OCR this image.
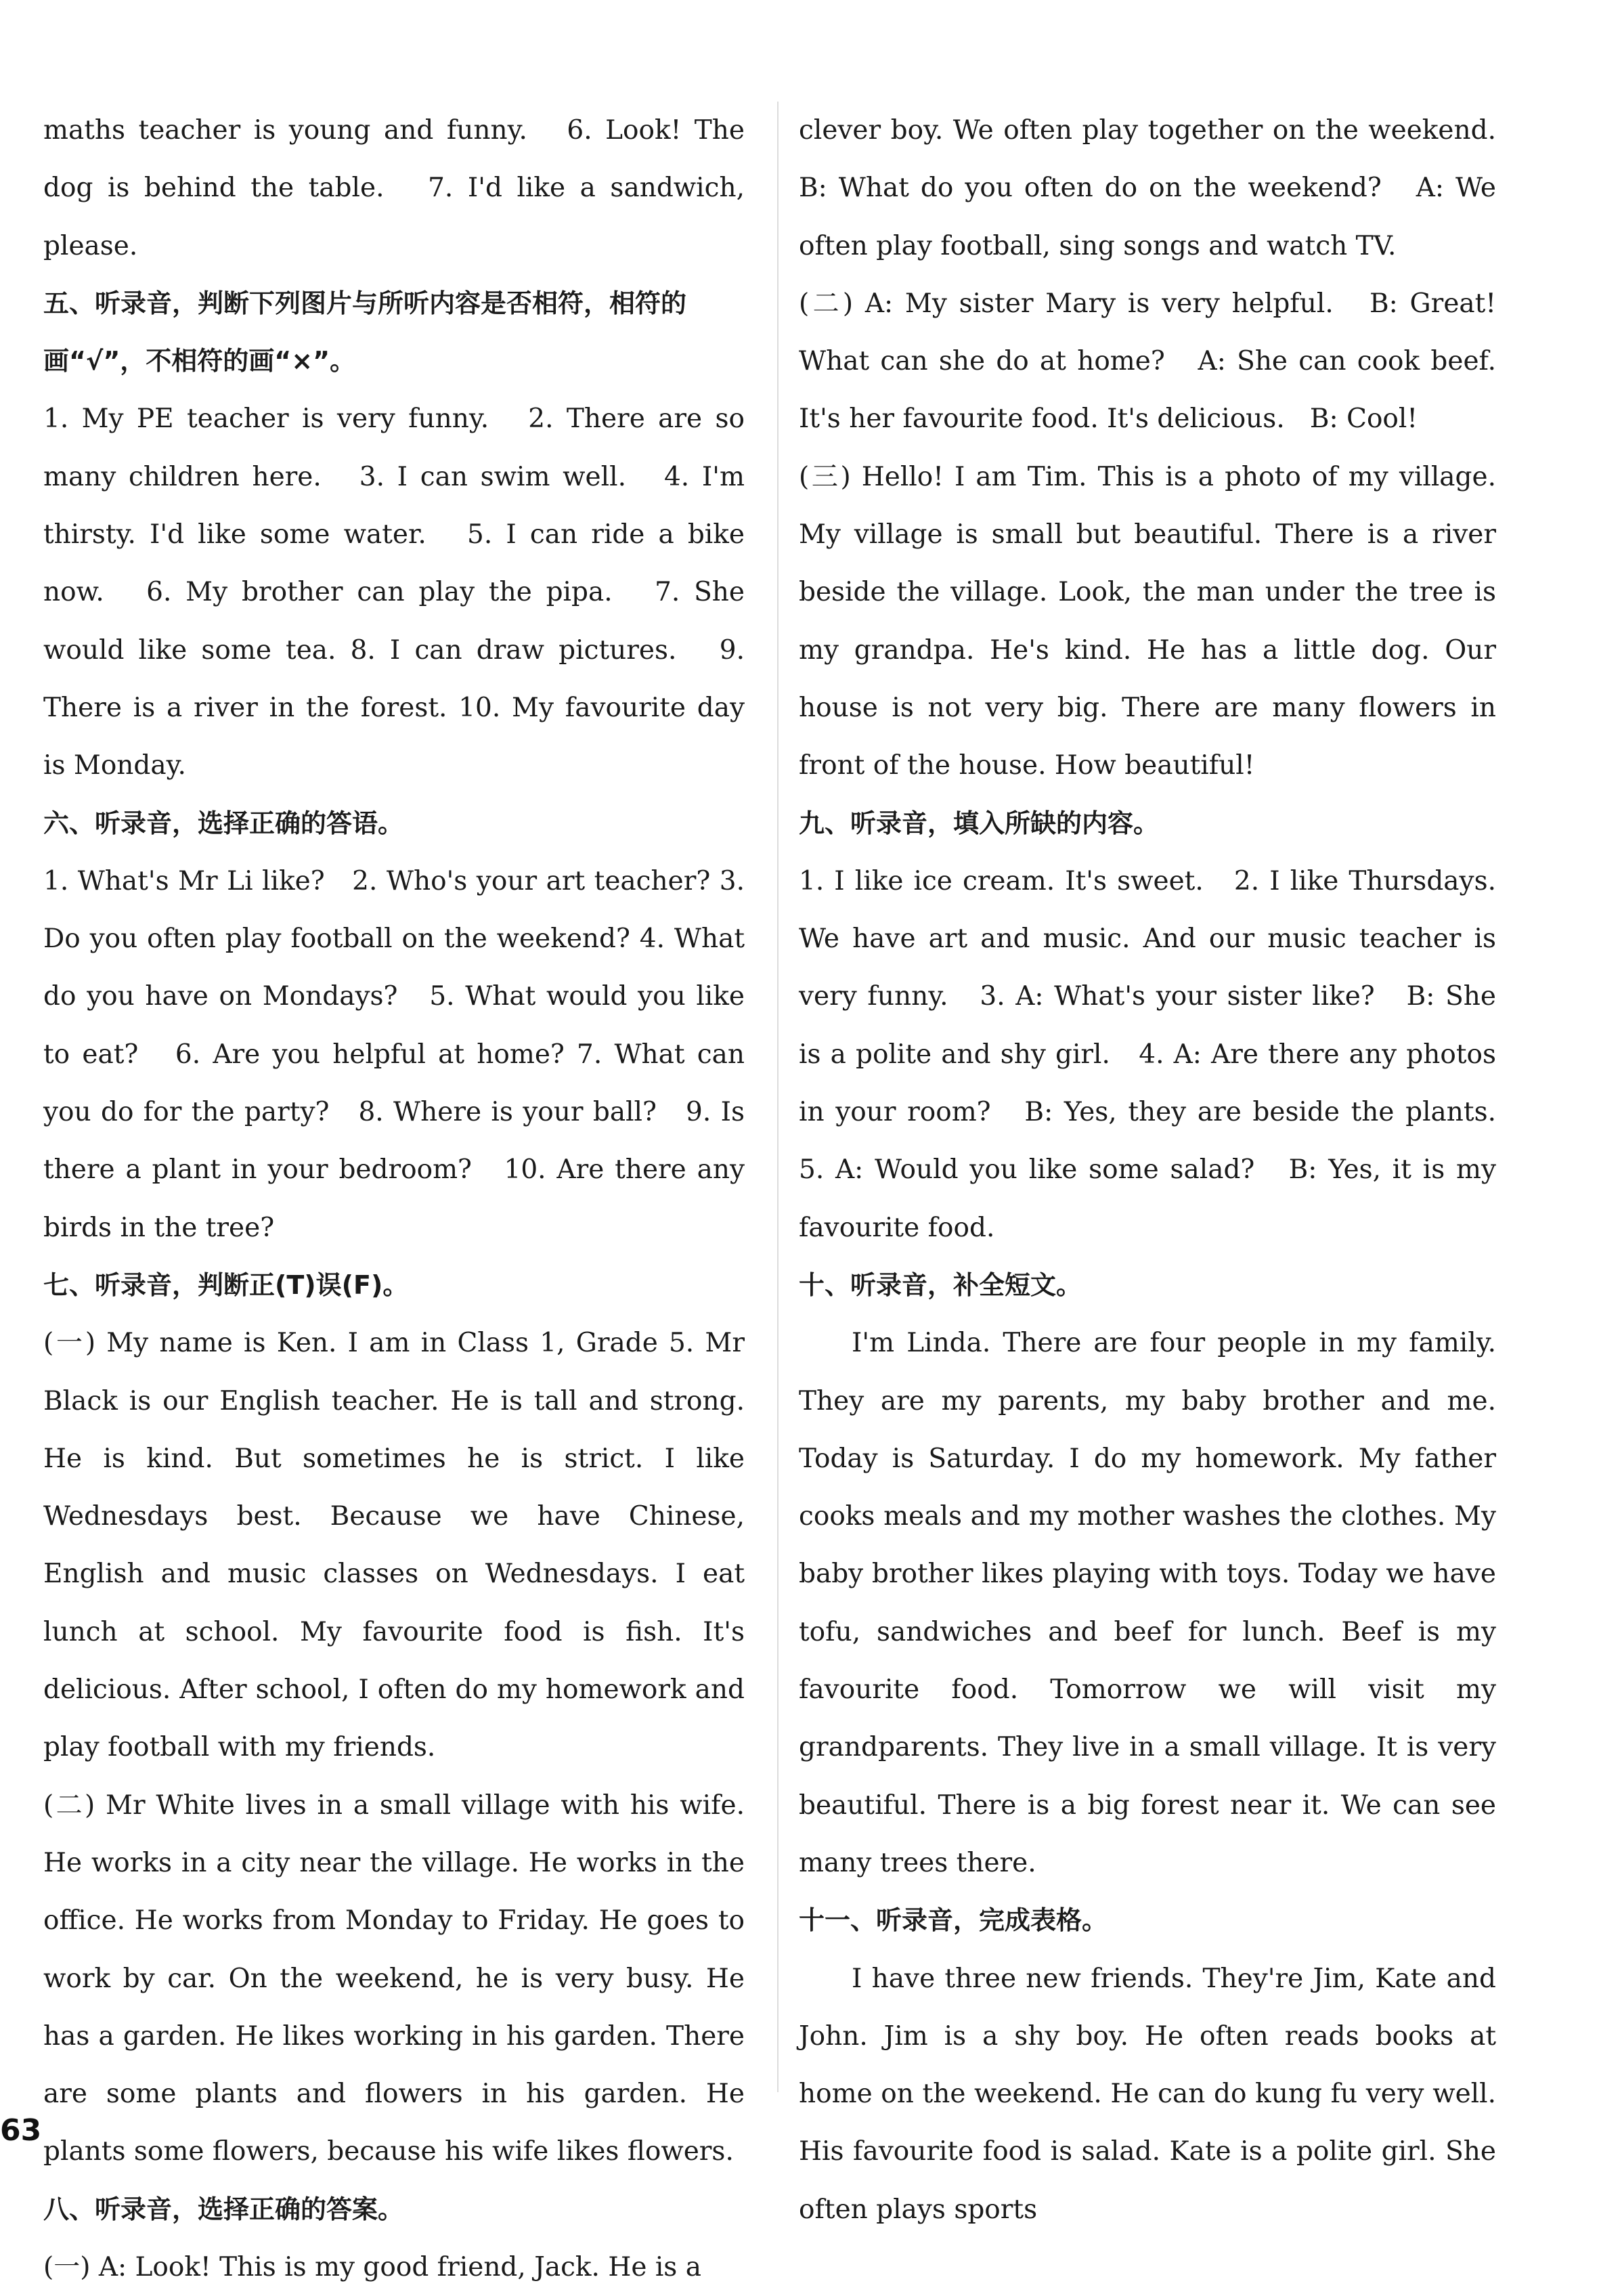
maths teacher is young and funny.   6. Look! The dog is behind the table.   7. I'd like a sandwich, please.

五、听录音，判断下列图片与所听内容是否相符，相符的画“√”，不相符的画“×”。

1. My PE teacher is very funny.   2. There are so many children here.   3. I can swim well.   4. I'm thirsty. I'd like some water.   5. I can ride a bike now.   6. My brother can play the pipa.   7. She would like some tea. 8. I can draw pictures.   9. There is a river in the forest. 10. My favourite day is Monday.

六、听录音，选择正确的答语。

1. What's Mr Li like?   2. Who's your art teacher? 3. Do you often play football on the weekend? 4. What do you have on Mondays?   5. What would you like to eat?   6. Are you helpful at home? 7. What can you do for the party?   8. Where is your ball?   9. Is there a plant in your bedroom?   10. Are there any birds in the tree?

七、听录音，判断正(T)误(F)。

(一) My name is Ken. I am in Class 1, Grade 5. Mr Black is our English teacher. He is tall and strong. He is kind. But sometimes he is strict. I like Wednesdays best. Because we have Chinese, English and music classes on Wednesdays. I eat lunch at school. My favourite food is fish. It's delicious. After school, I often do my homework and play football with my friends.

(二) Mr White lives in a small village with his wife. He works in a city near the village. He works in the office. He works from Monday to Friday. He goes to work by car. On the weekend, he is very busy. He has a garden. He likes working in his garden. There are some plants and flowers in his garden. He plants some flowers, because his wife likes flowers.

八、听录音，选择正确的答案。

(一) A: Look! This is my good friend, Jack. He is a

clever boy. We often play together on the weekend. B: What do you often do on the weekend?   A: We often play football, sing songs and watch TV.

(二) A: My sister Mary is very helpful.   B: Great! What can she do at home?   A: She can cook beef. It's her favourite food. It's delicious.   B: Cool!

(三) Hello! I am Tim. This is a photo of my village. My village is small but beautiful. There is a river beside the village. Look, the man under the tree is my grandpa. He's kind. He has a little dog. Our house is not very big. There are many flowers in front of the house. How beautiful!

九、听录音，填入所缺的内容。

1. I like ice cream. It's sweet.   2. I like Thursdays. We have art and music. And our music teacher is very funny.   3. A: What's your sister like?   B: She is a polite and shy girl.   4. A: Are there any photos in your room?   B: Yes, they are beside the plants. 5. A: Would you like some salad?   B: Yes, it is my favourite food.

十、听录音，补全短文。

I'm Linda. There are four people in my family. They are my parents, my baby brother and me. Today is Saturday. I do my homework. My father cooks meals and my mother washes the clothes. My baby brother likes playing with toys. Today we have tofu, sandwiches and beef for lunch. Beef is my favourite food. Tomorrow we will visit my grandparents. They live in a small village. It is very beautiful. There is a big forest near it. We can see many trees there.

十一、听录音，完成表格。

I have three new friends. They're Jim, Kate and John. Jim is a shy boy. He often reads books at home on the weekend. He can do kung fu very well. His favourite food is salad. Kate is a polite girl. She often plays sports

63
